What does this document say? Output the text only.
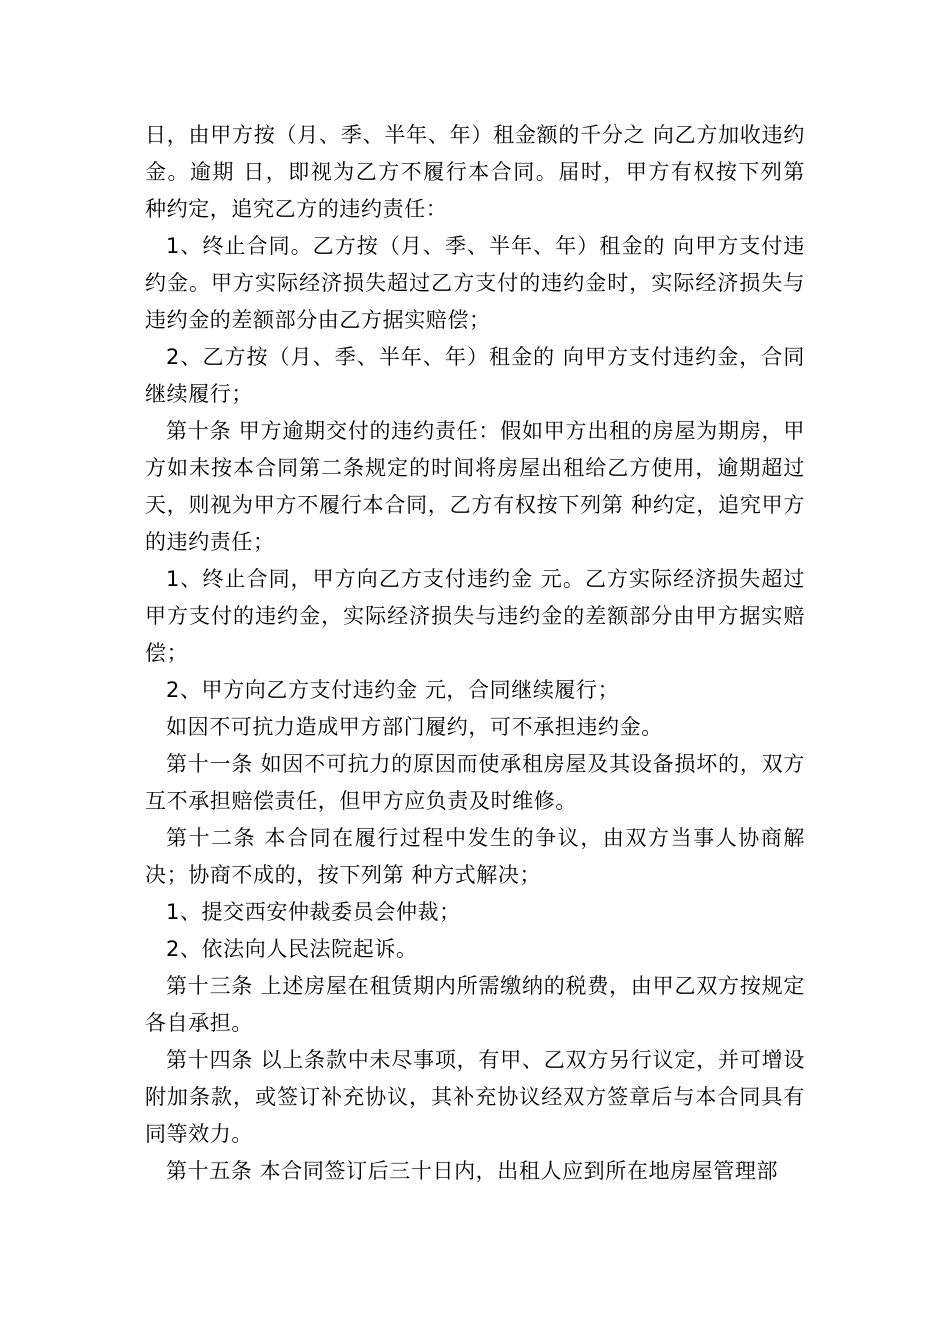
日，由甲方按（月、季、半年、年）租金额的千分之 向乙方加收违约金。逾期 日，即视为乙方不履行本合同。届时，甲方有权按下列第 种约定，追究乙方的违约责任：

1、终止合同。乙方按（月、季、半年、年）租金的 向甲方支付违约金。甲方实际经济损失超过乙方支付的违约金时，实际经济损失与违约金的差额部分由乙方据实赔偿；

2、乙方按（月、季、半年、年）租金的 向甲方支付违约金，合同继续履行；

第十条 甲方逾期交付的违约责任：假如甲方出租的房屋为期房，甲方如未按本合同第二条规定的时间将房屋出租给乙方使用，逾期超过 天，则视为甲方不履行本合同，乙方有权按下列第 种约定，追究甲方的违约责任；

1、终止合同，甲方向乙方支付违约金 元。乙方实际经济损失超过甲方支付的违约金，实际经济损失与违约金的差额部分由甲方据实赔偿；

2、甲方向乙方支付违约金 元，合同继续履行；

如因不可抗力造成甲方部门履约，可不承担违约金。

第十一条 如因不可抗力的原因而使承租房屋及其设备损坏的，双方互不承担赔偿责任，但甲方应负责及时维修。

第十二条 本合同在履行过程中发生的争议，由双方当事人协商解决；协商不成的，按下列第 种方式解决；

1、提交西安仲裁委员会仲裁；

2、依法向人民法院起诉。

第十三条 上述房屋在租赁期内所需缴纳的税费，由甲乙双方按规定各自承担。

第十四条 以上条款中未尽事项，有甲、乙双方另行议定，并可增设附加条款，或签订补充协议，其补充协议经双方签章后与本合同具有同等效力。

第十五条 本合同签订后三十日内，出租人应到所在地房屋管理部
